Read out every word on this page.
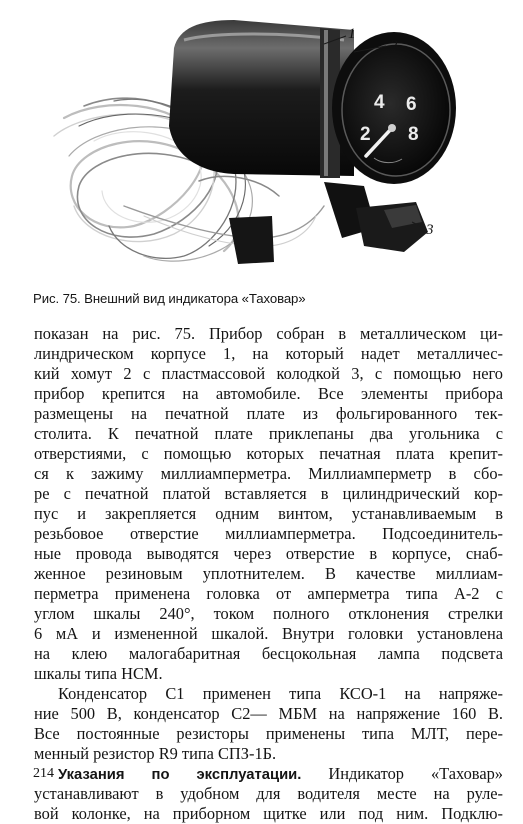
4 6
2 8
1
2
3
Рис. 75. Внешний вид индикатора «Таховар»

показан на рис. 75. Прибор собран в металлическом ци-
линдрическом корпусе 1, на который надет металличес-
кий хомут 2 с пластмассовой колодкой 3, с помощью него
прибор крепится на автомобиле. Все элементы прибора
размещены на печатной плате из фольгированного тек-
столита. К печатной плате приклепаны два угольника с
отверстиями, с помощью которых печатная плата крепит-
ся к зажиму миллиамперметра. Миллиамперметр в сбо-
ре с печатной платой вставляется в цилиндрический кор-
пус и закрепляется одним винтом, устанавливаемым в
резьбовое отверстие миллиамперметра. Подсоединитель-
ные провода выводятся через отверстие в корпусе, снаб-
женное резиновым уплотнителем. В качестве миллиам-
перметра применена головка от амперметра типа А-2 с
углом шкалы 240°, током полного отклонения стрелки
6 мА и измененной шкалой. Внутри головки установлена
на клею малогабаритная бесцокольная лампа подсвета
шкалы типа НСМ.

Конденсатор C1 применен типа КСО-1 на напряже-
ние 500 В, конденсатор C2— МБМ на напряжение 160 В.
Все постоянные резисторы применены типа МЛТ, пере-
менный резистор R9 типа СПЗ-1Б.

Указания по эксплуатации. Индикатор «Таховар»
устанавливают в удобном для водителя месте на руле-
вой колонке, на приборном щитке или под ним. Подклю-

214
